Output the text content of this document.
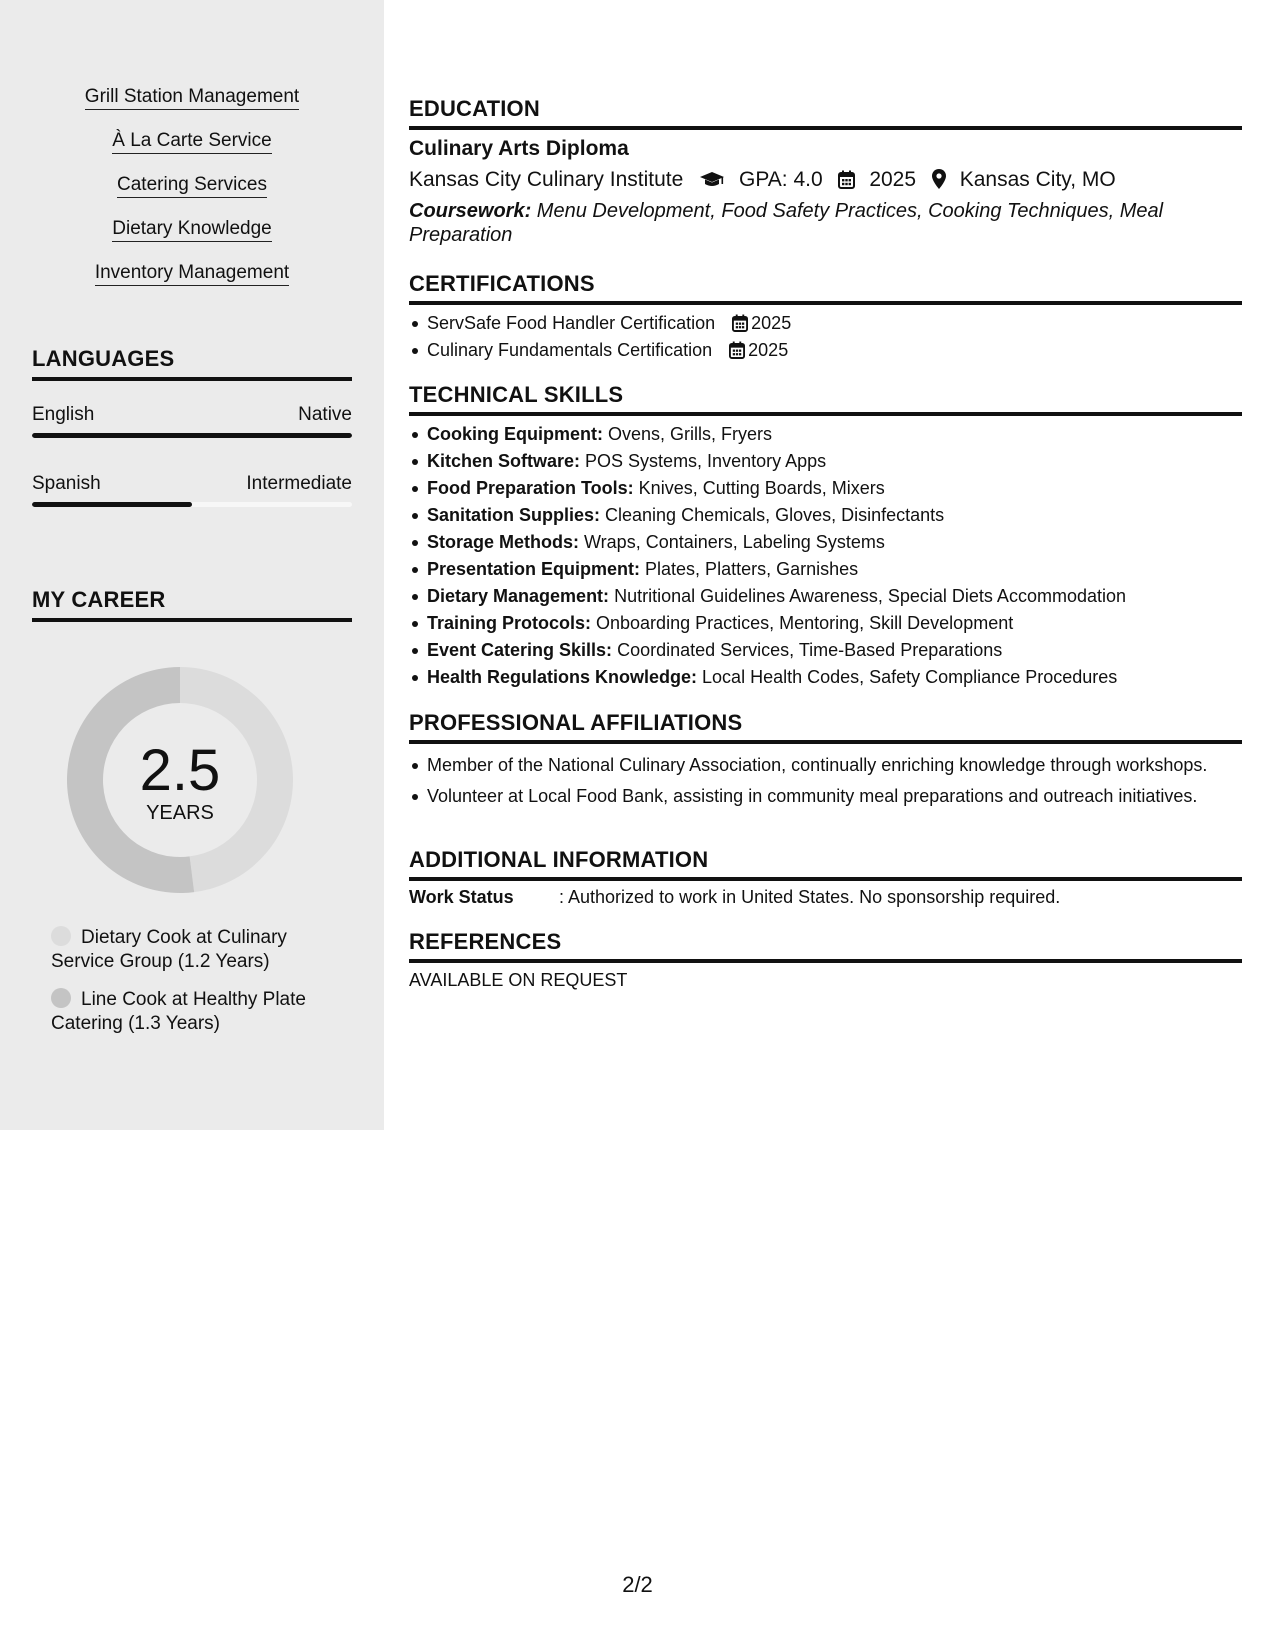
Grill Station Management
À La Carte Service
Catering Services
Dietary Knowledge
Inventory Management
LANGUAGES
English	Native
Spanish	Intermediate
MY CAREER
2.5
YEARS
Dietary Cook at Culinary Service Group (1.2 Years)
Line Cook at Healthy Plate Catering (1.3 Years)
EDUCATION
Culinary Arts Diploma
Kansas City Culinary Institute	GPA: 4.0 2025 Kansas City, MO
Coursework: Menu Development, Food Safety Practices, Cooking Techniques, Meal Preparation
CERTIFICATIONS
ServSafe Food Handler Certification 2025
Culinary Fundamentals Certification 2025
TECHNICAL SKILLS
Cooking Equipment: Ovens, Grills, Fryers
Kitchen Software: POS Systems, Inventory Apps
Food Preparation Tools: Knives, Cutting Boards, Mixers
Sanitation Supplies: Cleaning Chemicals, Gloves, Disinfectants
Storage Methods: Wraps, Containers, Labeling Systems
Presentation Equipment: Plates, Platters, Garnishes
Dietary Management: Nutritional Guidelines Awareness, Special Diets Accommodation
Training Protocols: Onboarding Practices, Mentoring, Skill Development
Event Catering Skills: Coordinated Services, Time-Based Preparations
Health Regulations Knowledge: Local Health Codes, Safety Compliance Procedures
PROFESSIONAL AFFILIATIONS
Member of the National Culinary Association, continually enriching knowledge through workshops.
Volunteer at Local Food Bank, assisting in community meal preparations and outreach initiatives.
ADDITIONAL INFORMATION
Work Status	: Authorized to work in United States. No sponsorship required.
REFERENCES
AVAILABLE ON REQUEST
2/2
